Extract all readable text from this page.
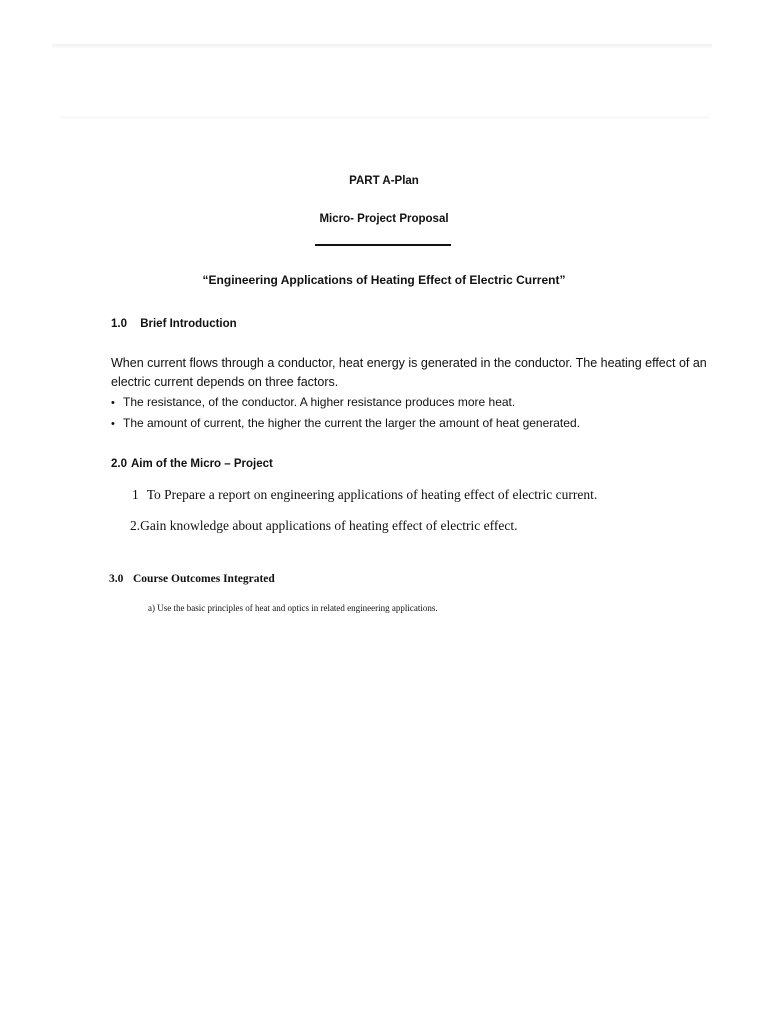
PART A-Plan
Micro- Project Proposal
“Engineering Applications of Heating Effect of Electric Current”
1.0 Brief Introduction
When current flows through a conductor, heat energy is generated in the conductor. The heating effect of an electric current depends on three factors.
• The resistance, of the conductor. A higher resistance produces more heat.
• The amount of current, the higher the current the larger the amount of heat generated.
2.0 Aim of the Micro – Project
1 To Prepare a report on engineering applications of heating effect of electric current.
2.Gain knowledge about applications of heating effect of electric effect.
3.0 Course Outcomes Integrated
a) Use the basic principles of heat and optics in related engineering applications.
